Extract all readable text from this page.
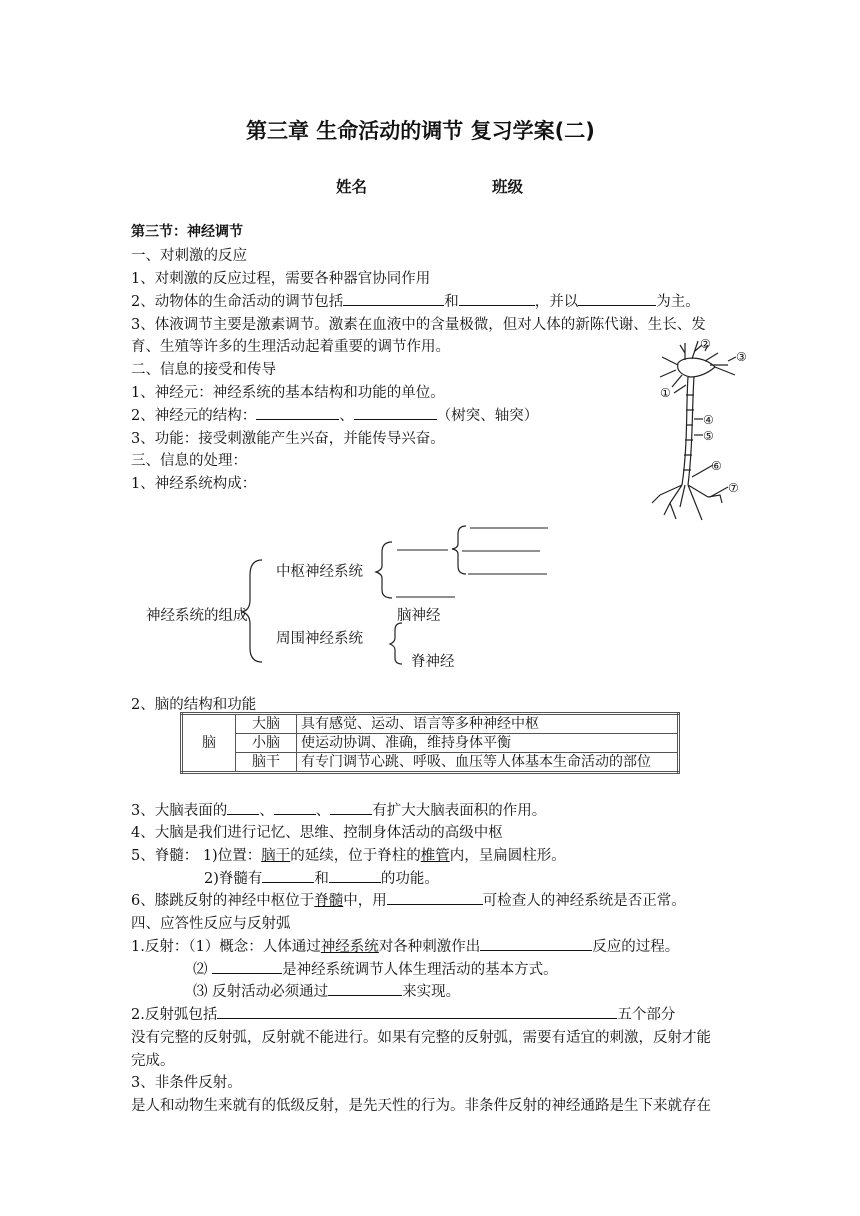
第三章 生命活动的调节 复习学案(二)
姓名	班级
第三节：神经调节
一、对刺激的反应
1、对刺激的反应过程，需要各种器官协同作用
2、动物体的生命活动的调节包括	和	，并以	为主。
3、体液调节主要是激素调节。激素在血液中的含量极微，但对人体的新陈代谢、生长、发
育、生殖等许多的生理活动起着重要的调节作用。
二、信息的接受和传导
1、神经元：神经系统的基本结构和功能的单位。
2、神经元的结构：	、	（树突、轴突）
3、功能：接受刺激能产生兴奋，并能传导兴奋。
三、信息的处理：
1、神经系统构成：
①
②
③
④
⑤
⑥
⑦
神经系统的组成
中枢神经系统
周围神经系统
脑神经
脊神经
2、脑的结构和功能
脑	大脑	具有感觉、运动、语言等多种神经中枢
	小脑	使运动协调、准确，维持身体平衡
	脑干	有专门调节心跳、呼吸、血压等人体基本生命活动的部位
3、大脑表面的 、	、	有扩大大脑表面积的作用。
4、大脑是我们进行记忆、思维、控制身体活动的高级中枢
5、脊髓： 1)位置：脑干的延续，位于脊柱的椎管内，呈扁圆柱形。
2)脊髓有	和	的功能。
6、膝跳反射的神经中枢位于脊髓中，用	可检查人的神经系统是否正常。
四、应答性反应与反射弧
1.反射：（1）概念：人体通过神经系统对各种刺激作出	反应的过程。
⑵	是神经系统调节人体生理活动的基本方式。
⑶ 反射活动必须通过	来实现。
2.反射弧包括	五个部分
没有完整的反射弧，反射就不能进行。如果有完整的反射弧，需要有适宜的刺激，反射才能
完成。
3、非条件反射。
是人和动物生来就有的低级反射，是先天性的行为。非条件反射的神经通路是生下来就存在
